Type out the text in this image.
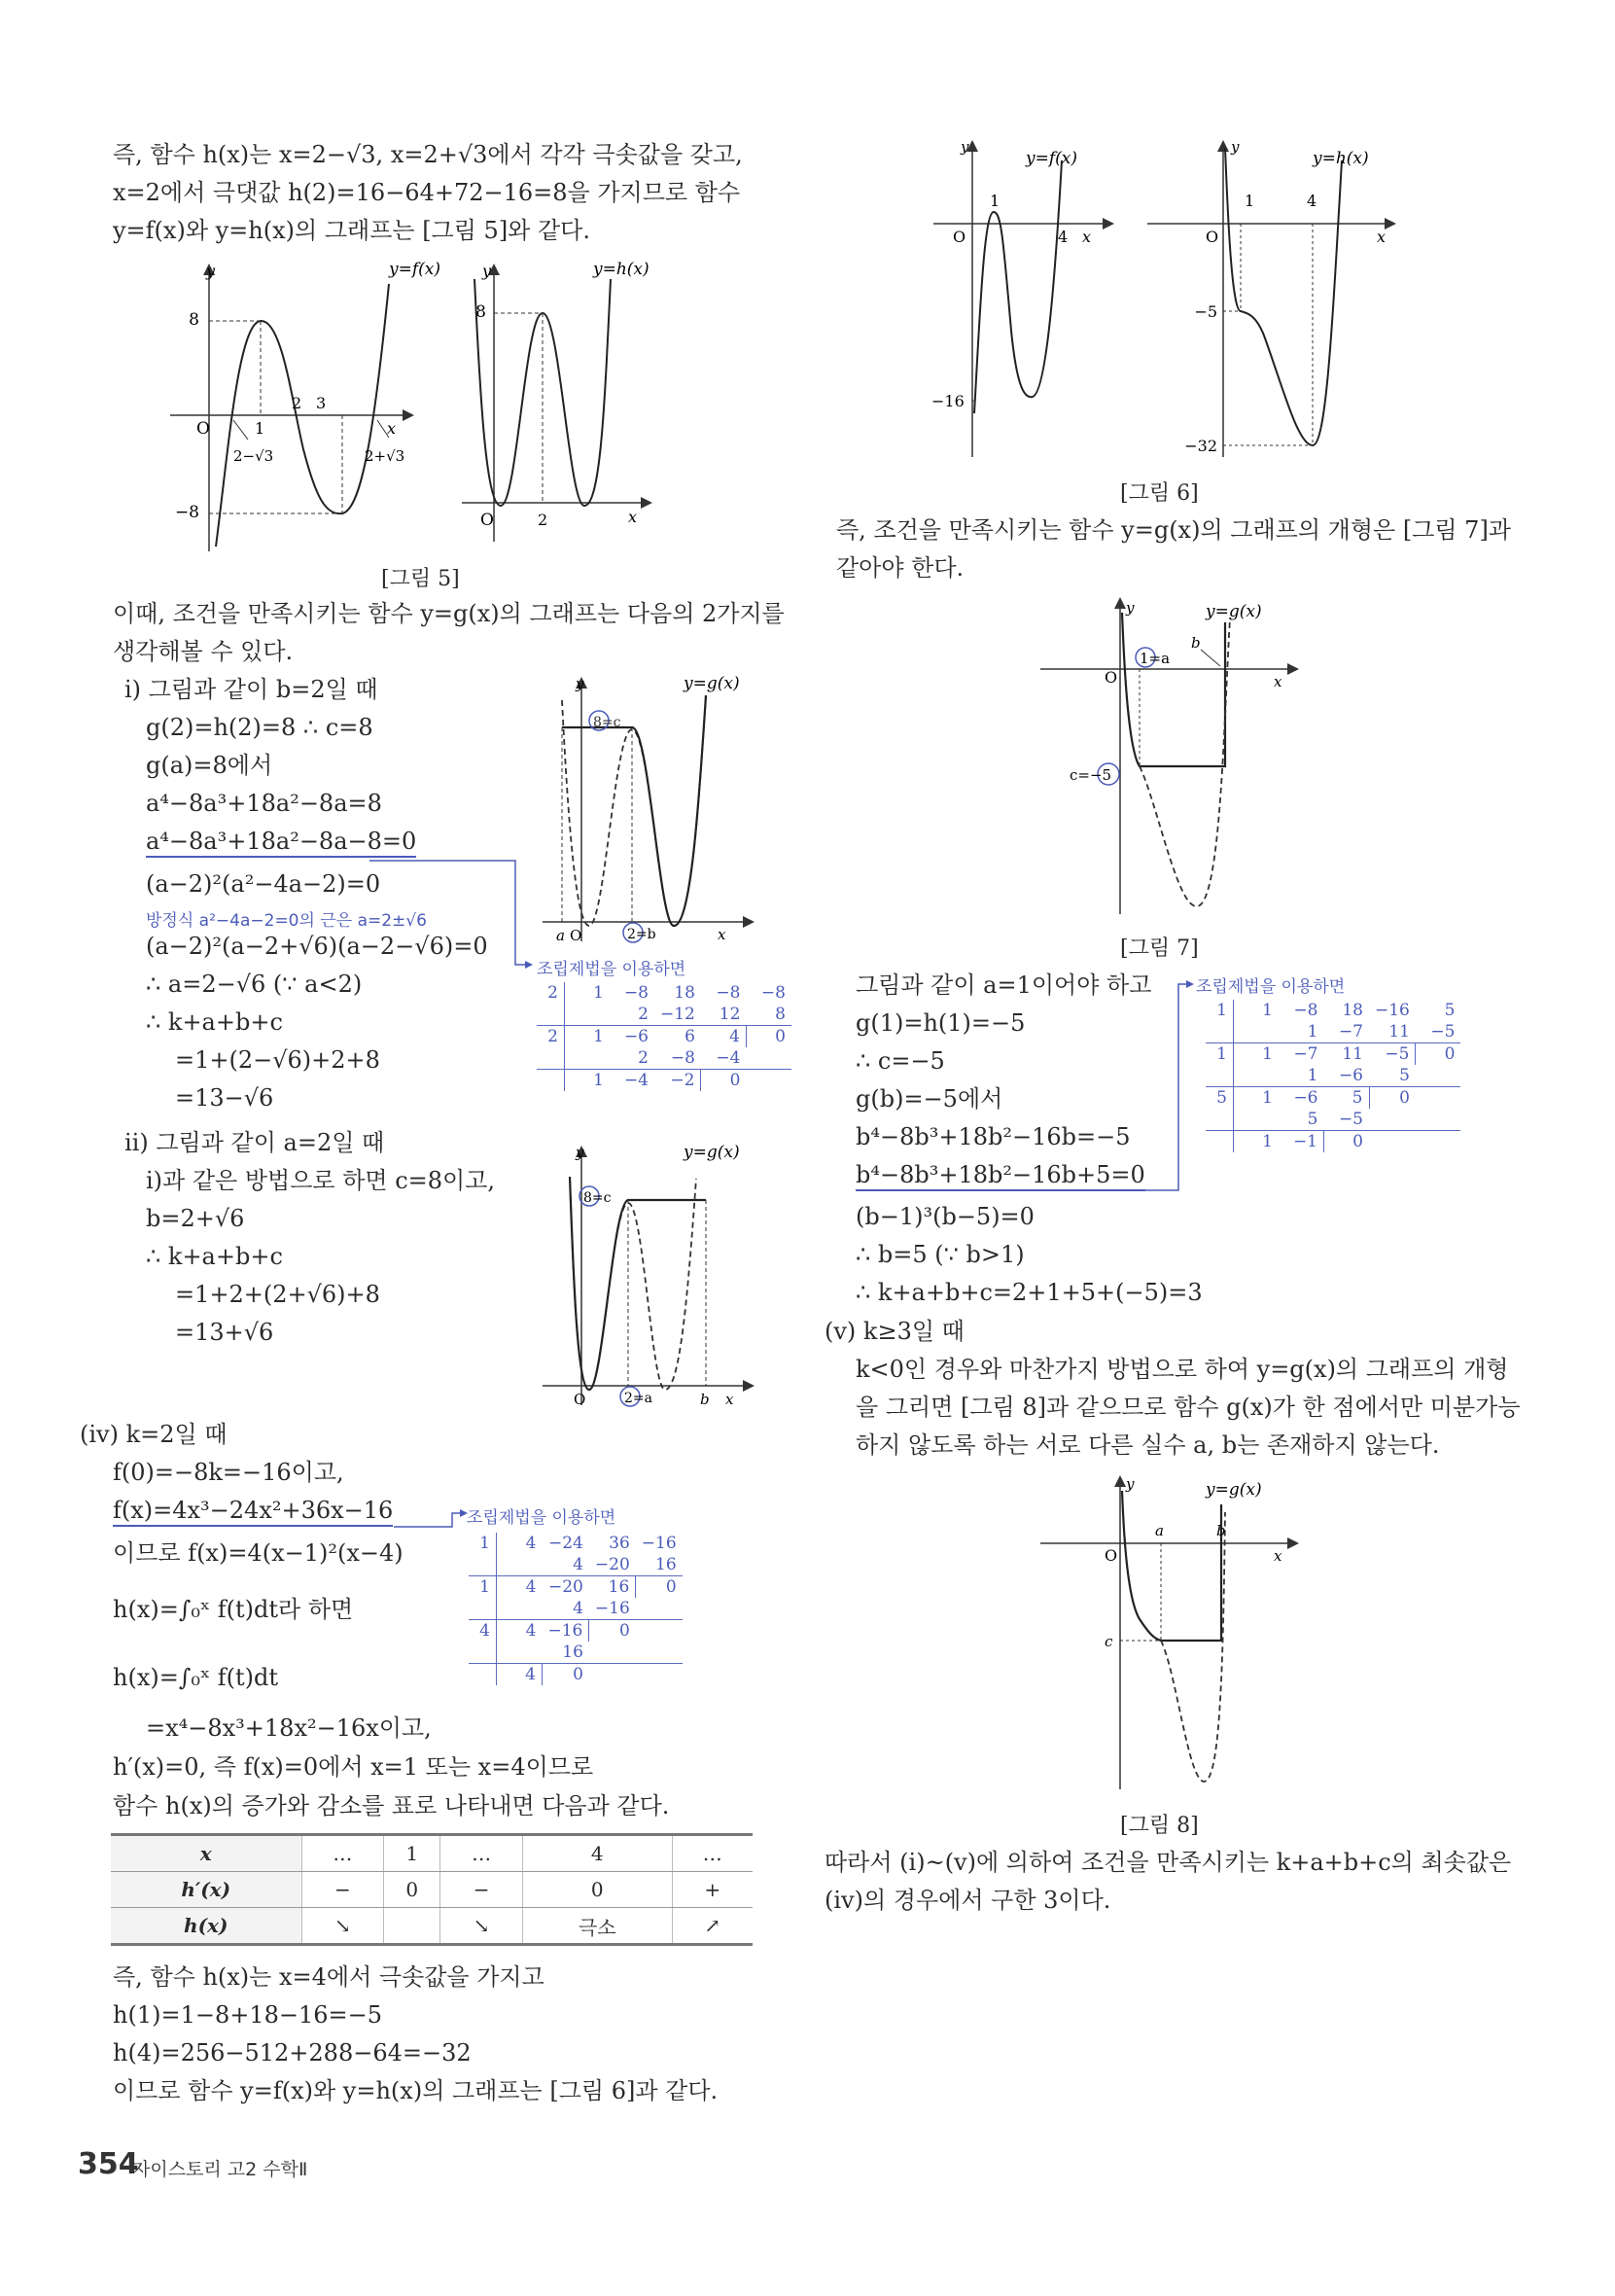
즉, 함수 h(x)는 x=2−√3, x=2+√3에서 각각 극솟값을 갖고,
x=2에서 극댓값 h(2)=16−64+72−16=8을 가지므로 함수
y=f(x)와 y=h(x)의 그래프는 [그림 5]와 같다.
y	y=f(x)
8
−8
O	1
2 3
x
2−√3	2+√3
y	y=h(x)
8
O	2	x
[그림 5]
이때, 조건을 만족시키는 함수 y=g(x)의 그래프는 다음의 2가지를
생각해볼 수 있다.
ⅰ) 그림과 같이 b=2일 때
g(2)=h(2)=8 ∴ c=8
g(a)=8에서
a⁴−8a³+18a²−8a=8
a⁴−8a³+18a²−8a−8=0
(a−2)²(a²−4a−2)=0
방정식 a²−4a−2=0의 근은 a=2±√6
(a−2)²(a−2+√6)(a−2−√6)=0
∴ a=2−√6 (∵ a<2)
∴ k+a+b+c
=1+(2−√6)+2+8
=13−√6
조립제법을 이용하면
2	1	−8	18	−8	−8
		2	−12	12	8
2	1	−6	6	4	0
		2	−8	−4	
	1	−4	−2	0	
y	y=g(x)
8=c
a O	2=b	x
ⅱ) 그림과 같이 a=2일 때
ⅰ)과 같은 방법으로 하면 c=8이고,
b=2+√6
∴ k+a+b+c
=1+2+(2+√6)+8
=13+√6
y	y=g(x)
8=c
O	2=a	b x
(ⅳ) k=2일 때
f(0)=−8k=−16이고,
f(x)=4x³−24x²+36x−16
이므로 f(x)=4(x−1)²(x−4)
h(x)=∫₀ˣ f(t)dt라 하면
h(x)=∫₀ˣ f(t)dt
=x⁴−8x³+18x²−16x이고,
h′(x)=0, 즉 f(x)=0에서 x=1 또는 x=4이므로
함수 h(x)의 증가와 감소를 표로 나타내면 다음과 같다.
조립제법을 이용하면
1	4	−24	36	−16
		4	−20	16
1	4	−20	16	0
		4	−16	
4	4	−16	0	
		16		
	4	0		
x	…	1	…	4	…
h′(x)	−	0	−	0	+
h(x)	↘		↘	극소	↗
즉, 함수 h(x)는 x=4에서 극솟값을 가지고
h(1)=1−8+18−16=−5
h(4)=256−512+288−64=−32
이므로 함수 y=f(x)와 y=h(x)의 그래프는 [그림 6]과 같다.
y
y=f(x)
1
O	4 x
−16
y
y=h(x)
1	4
O	x
−5
−32
[그림 6]
즉, 조건을 만족시키는 함수 y=g(x)의 그래프의 개형은 [그림 7]과
같아야 한다.
y	y=g(x)
O
1=a
b
x
c=−5
[그림 7]
그림과 같이 a=1이어야 하고
g(1)=h(1)=−5
∴ c=−5
g(b)=−5에서
b⁴−8b³+18b²−16b=−5
b⁴−8b³+18b²−16b+5=0
(b−1)³(b−5)=0
∴ b=5 (∵ b>1)
∴ k+a+b+c=2+1+5+(−5)=3
조립제법을 이용하면
1	1	−8	18	−16	5
		1	−7	11	−5
1	1	−7	11	−5	0
		1	−6	5	
5	1	−6	5	0	
		5	−5		
	1	−1	0		
(ⅴ) k≥3일 때
k<0인 경우와 마찬가지 방법으로 하여 y=g(x)의 그래프의 개형
을 그리면 [그림 8]과 같으므로 함수 g(x)가 한 점에서만 미분가능
하지 않도록 하는 서로 다른 실수 a, b는 존재하지 않는다.
y	y=g(x)
O
a	b
x
c
[그림 8]
따라서 (ⅰ)~(ⅴ)에 의하여 조건을 만족시키는 k+a+b+c의 최솟값은
(ⅳ)의 경우에서 구한 3이다.
354
자이스토리 고2 수학Ⅱ
